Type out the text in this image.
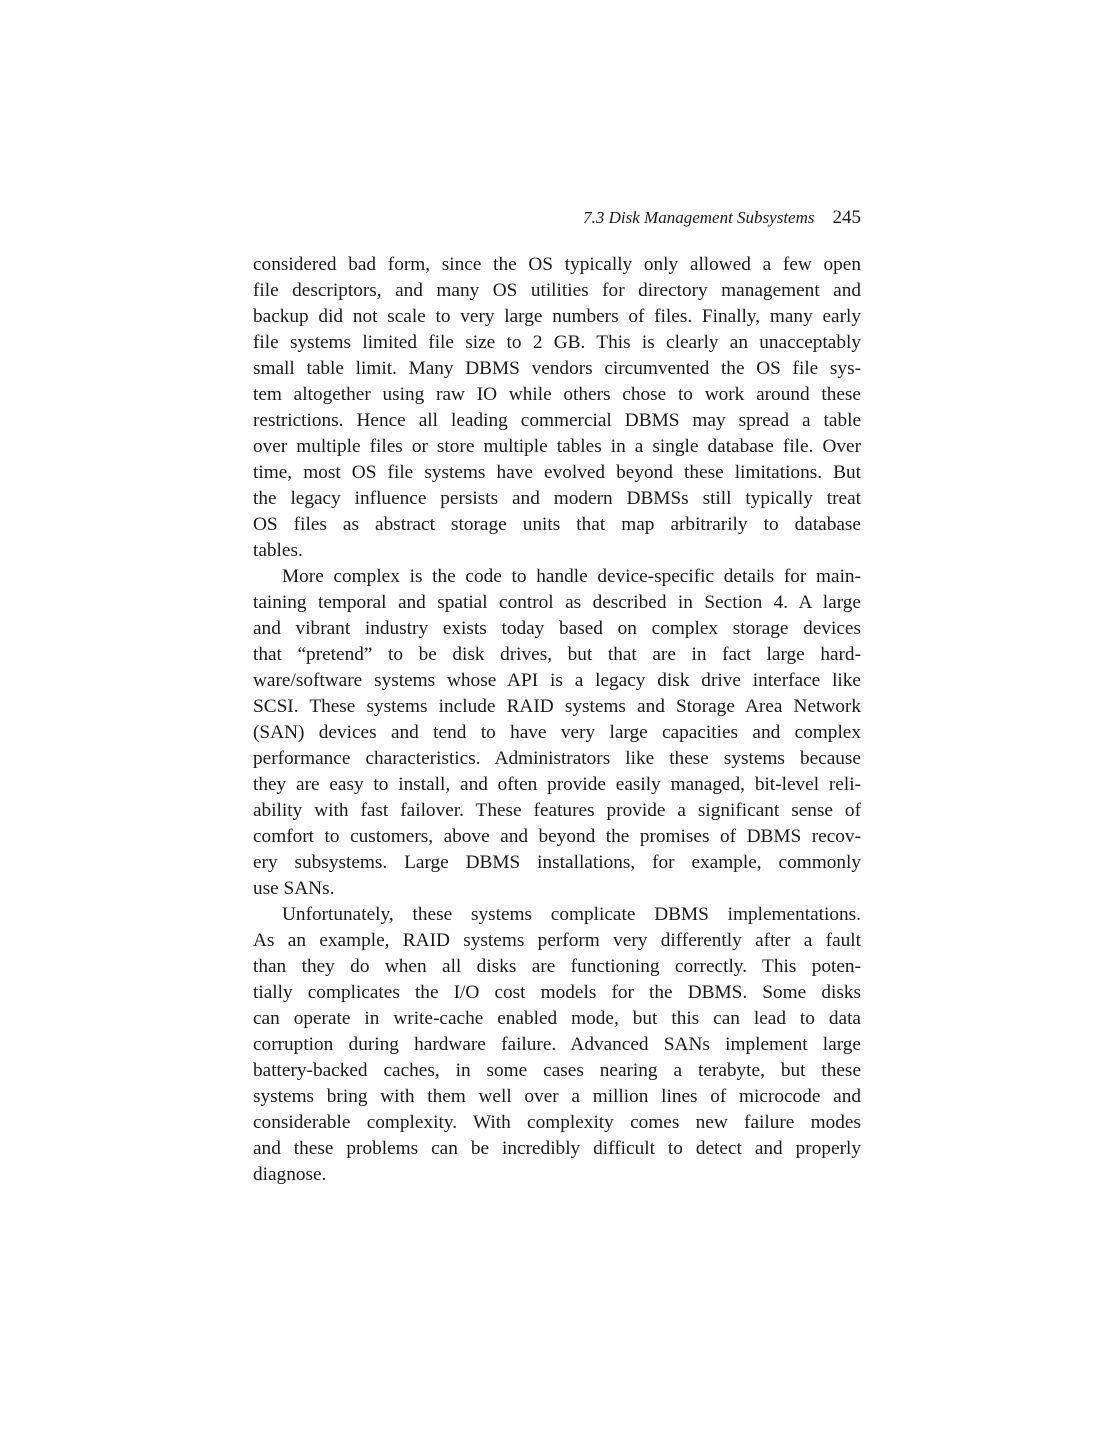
7.3 Disk Management Subsystems 245
considered bad form, since the OS typically only allowed a few open
file descriptors, and many OS utilities for directory management and
backup did not scale to very large numbers of files. Finally, many early
file systems limited file size to 2 GB. This is clearly an unacceptably
small table limit. Many DBMS vendors circumvented the OS file sys-
tem altogether using raw IO while others chose to work around these
restrictions. Hence all leading commercial DBMS may spread a table
over multiple files or store multiple tables in a single database file. Over
time, most OS file systems have evolved beyond these limitations. But
the legacy influence persists and modern DBMSs still typically treat
OS files as abstract storage units that map arbitrarily to database
tables.
More complex is the code to handle device-specific details for main-
taining temporal and spatial control as described in Section 4. A large
and vibrant industry exists today based on complex storage devices
that “pretend” to be disk drives, but that are in fact large hard-
ware/software systems whose API is a legacy disk drive interface like
SCSI. These systems include RAID systems and Storage Area Network
(SAN) devices and tend to have very large capacities and complex
performance characteristics. Administrators like these systems because
they are easy to install, and often provide easily managed, bit-level reli-
ability with fast failover. These features provide a significant sense of
comfort to customers, above and beyond the promises of DBMS recov-
ery subsystems. Large DBMS installations, for example, commonly
use SANs.
Unfortunately, these systems complicate DBMS implementations.
As an example, RAID systems perform very differently after a fault
than they do when all disks are functioning correctly. This poten-
tially complicates the I/O cost models for the DBMS. Some disks
can operate in write-cache enabled mode, but this can lead to data
corruption during hardware failure. Advanced SANs implement large
battery-backed caches, in some cases nearing a terabyte, but these
systems bring with them well over a million lines of microcode and
considerable complexity. With complexity comes new failure modes
and these problems can be incredibly difficult to detect and properly
diagnose.
